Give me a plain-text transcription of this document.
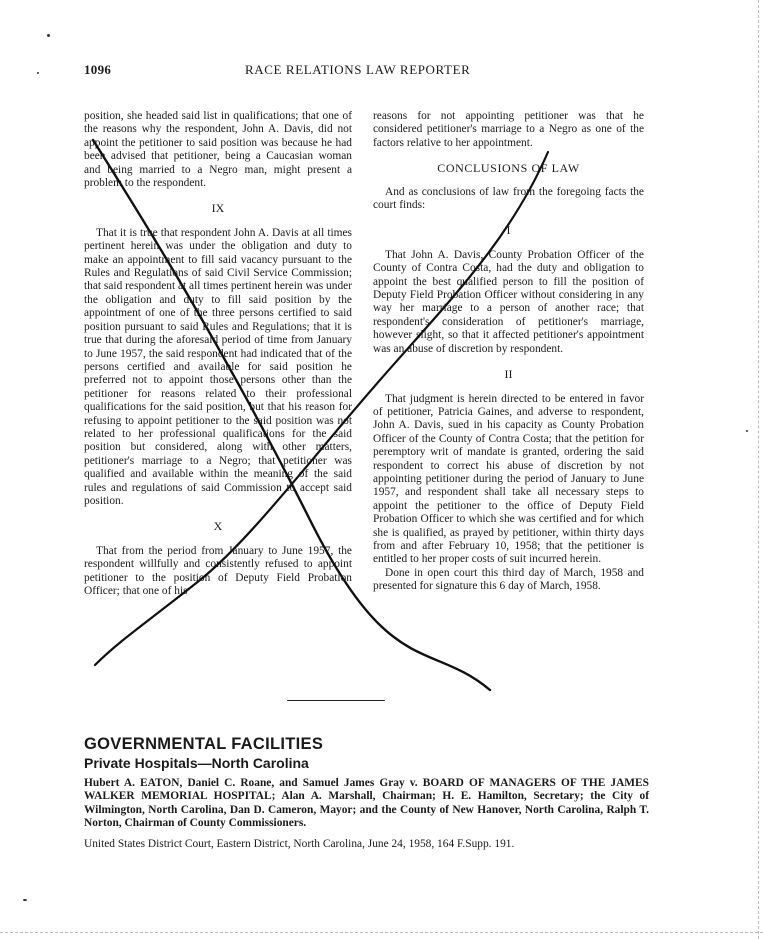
1096	RACE RELATIONS LAW REPORTER

position, she headed said list in qualifications; that one of the reasons why the respondent, John A. Davis, did not appoint the petitioner to said position was because he had been advised that petitioner, being a Caucasian woman and being married to a Negro man, might present a problem to the respondent.

IX

That it is true that respondent John A. Davis at all times pertinent herein was under the obligation and duty to make an appointment to fill said vacancy pursuant to the Rules and Regulations of said Civil Service Commission; that said respondent at all times pertinent herein was under the obligation and duty to fill said position by the appointment of one of the three persons certified to said position pursuant to said Rules and Regulations; that it is true that during the aforesaid period of time from January to June 1957, the said respondent had indicated that of the persons certified and available for said position he preferred not to appoint those persons other than the petitioner for reasons related to their professional qualifications for the said position, but that his reason for refusing to appoint petitioner to the said position was not related to her professional qualifications for the said position but considered, along with other matters, petitioner's marriage to a Negro; that petitioner was qualified and available within the meaning of the said rules and regulations of said Commission to accept said position.

X

That from the period from January to June 1957, the respondent willfully and consistently refused to appoint petitioner to the position of Deputy Field Probation Officer; that one of his

reasons for not appointing petitioner was that he considered petitioner's marriage to a Negro as one of the factors relative to her appointment.

CONCLUSIONS OF LAW

And as conclusions of law from the foregoing facts the court finds:

I

That John A. Davis, County Probation Officer of the County of Contra Costa, had the duty and obligation to appoint the best qualified person to fill the position of Deputy Field Probation Officer without considering in any way her marriage to a person of another race; that respondent's consideration of petitioner's marriage, however slight, so that it affected petitioner's appointment was an abuse of discretion by respondent.

II

That judgment is herein directed to be entered in favor of petitioner, Patricia Gaines, and adverse to respondent, John A. Davis, sued in his capacity as County Probation Officer of the County of Contra Costa; that the petition for peremptory writ of mandate is granted, ordering the said respondent to correct his abuse of discretion by not appointing petitioner during the period of January to June 1957, and respondent shall take all necessary steps to appoint the petitioner to the office of Deputy Field Probation Officer to which she was certified and for which she is qualified, as prayed by petitioner, within thirty days from and after February 10, 1958; that the petitioner is entitled to her proper costs of suit incurred herein.

Done in open court this third day of March, 1958 and presented for signature this 6 day of March, 1958.

GOVERNMENTAL FACILITIES
Private Hospitals—North Carolina
Hubert A. EATON, Daniel C. Roane, and Samuel James Gray v. BOARD OF MANAGERS OF THE JAMES WALKER MEMORIAL HOSPITAL; Alan A. Marshall, Chairman; H. E. Hamilton, Secretary; the City of Wilmington, North Carolina, Dan D. Cameron, Mayor; and the County of New Hanover, North Carolina, Ralph T. Norton, Chairman of County Commissioners.
United States District Court, Eastern District, North Carolina, June 24, 1958, 164 F.Supp. 191.
